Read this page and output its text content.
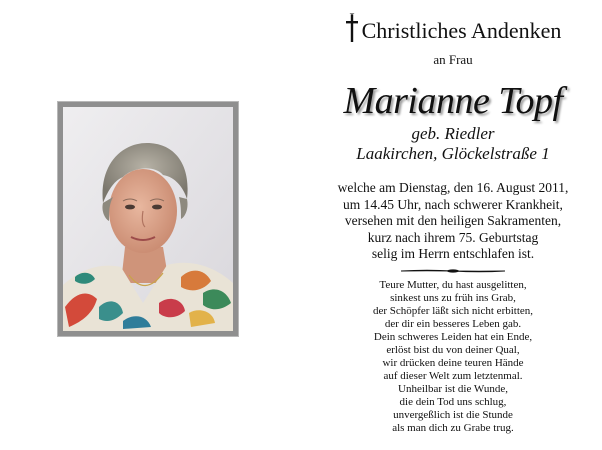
Christliches Andenken
an Frau
Marianne Topf
geb. Riedler
Laakirchen, Glöckelstraße 1
welche am Dienstag, den 16. August 2011,
um 14.45 Uhr, nach schwerer Krankheit,
versehen mit den heiligen Sakramenten,
kurz nach ihrem 75. Geburtstag
selig im Herrn entschlafen ist.
Teure Mutter, du hast ausgelitten,
sinkest uns zu früh ins Grab,
der Schöpfer läßt sich nicht erbitten,
der dir ein besseres Leben gab.
Dein schweres Leiden hat ein Ende,
erlöst bist du von deiner Qual,
wir drücken deine teuren Hände
auf dieser Welt zum letztenmal.
Unheilbar ist die Wunde,
die dein Tod uns schlug,
unvergeßlich ist die Stunde
als man dich zu Grabe trug.
